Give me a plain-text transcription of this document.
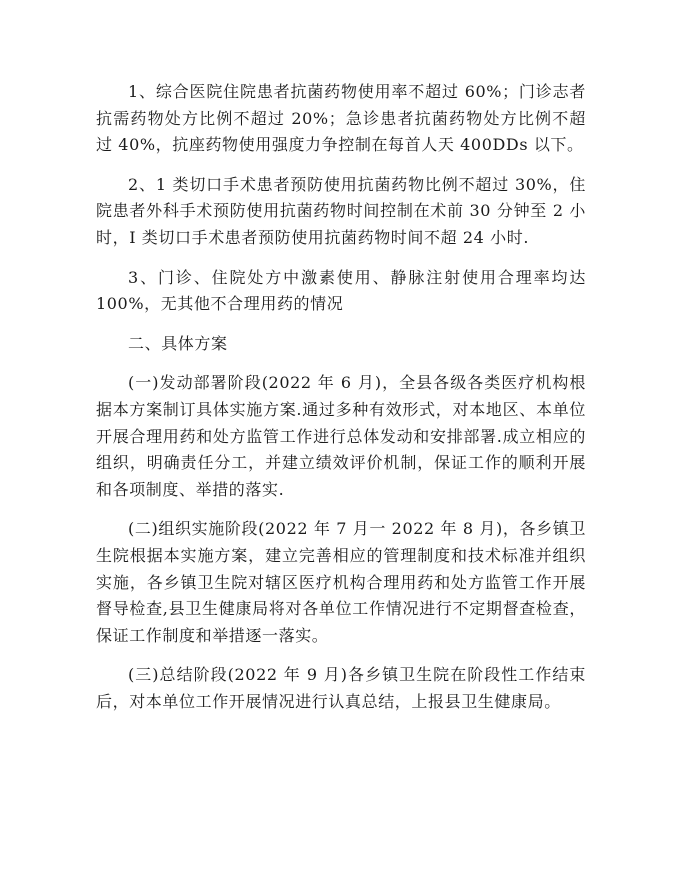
1、综合医院住院患者抗菌药物使用率不超过 60%；门诊志者抗需药物处方比例不超过 20%；急诊患者抗菌药物处方比例不超过 40%，抗座药物使用强度力争控制在每首人天 400DDs 以下。

2、1 类切口手术患者预防使用抗菌药物比例不超过 30%，住院患者外科手术预防使用抗菌药物时间控制在术前 30 分钟至 2 小时，I 类切口手术患者预防使用抗菌药物时间不超 24 小时.

3、门诊、住院处方中激素使用、静脉注射使用合理率均达 100%，无其他不合理用药的情况

二、具体方案

(一)发动部署阶段(2022 年 6 月)，全县各级各类医疗机构根据本方案制订具体实施方案.通过多种有效形式，对本地区、本单位开展合理用药和处方监管工作进行总体发动和安排部署.成立相应的组织，明确责任分工，并建立绩效评价机制，保证工作的顺利开展和各项制度、举措的落实.

(二)组织实施阶段(2022 年 7 月一 2022 年 8 月)，各乡镇卫生院根据本实施方案，建立完善相应的管理制度和技术标准并组织实施，各乡镇卫生院对辖区医疗机构合理用药和处方监管工作开展督导检查,县卫生健康局将对各单位工作情况进行不定期督查检查，保证工作制度和举措逐一落实。

(三)总结阶段(2022 年 9 月)各乡镇卫生院在阶段性工作结束后，对本单位工作开展情况进行认真总结，上报县卫生健康局。
